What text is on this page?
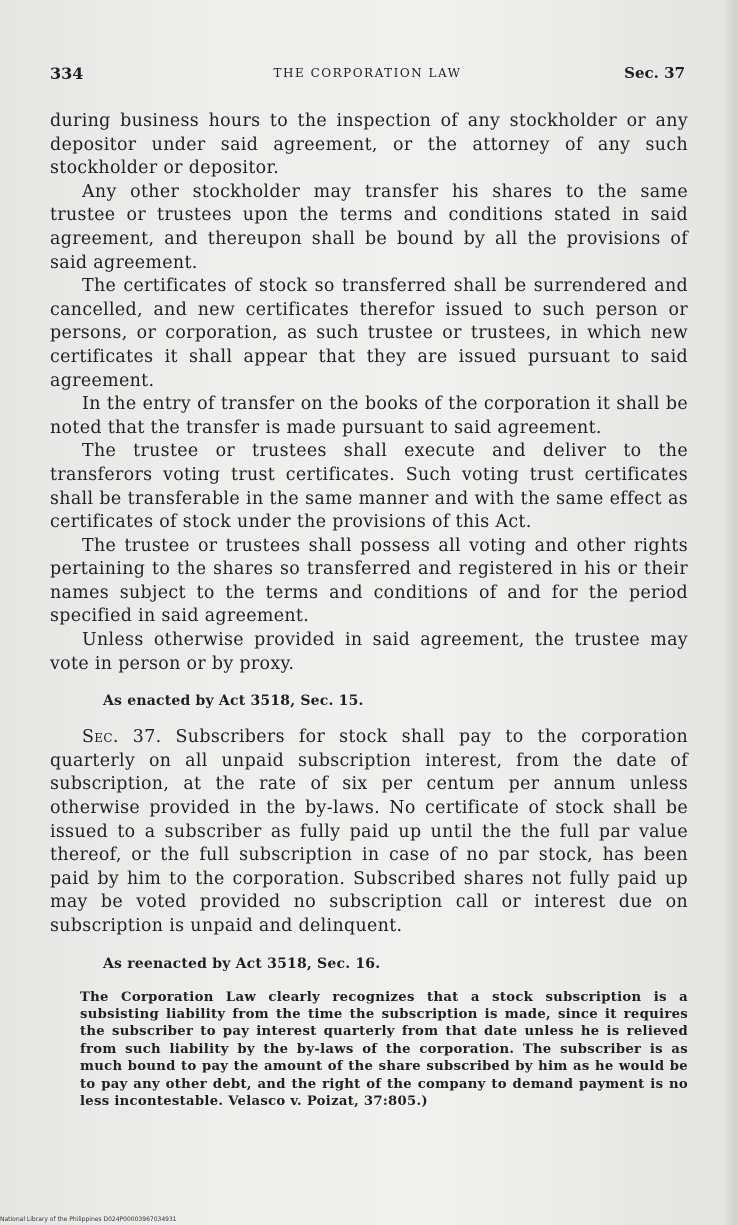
334	THE CORPORATION LAW	Sec. 37

during business hours to the inspection of any stockholder or any depositor under said agreement, or the attorney of any such stockholder or depositor.

Any other stockholder may transfer his shares to the same trustee or trustees upon the terms and conditions stated in said agreement, and thereupon shall be bound by all the provisions of said agreement.

The certificates of stock so transferred shall be surrendered and cancelled, and new certificates therefor issued to such person or persons, or corporation, as such trustee or trustees, in which new certificates it shall appear that they are issued pursuant to said agreement.

In the entry of transfer on the books of the corporation it shall be noted that the transfer is made pursuant to said agreement.

The trustee or trustees shall execute and deliver to the transferors voting trust certificates. Such voting trust certificates shall be transferable in the same manner and with the same effect as certificates of stock under the provisions of this Act.

The trustee or trustees shall possess all voting and other rights pertaining to the shares so transferred and registered in his or their names subject to the terms and conditions of and for the period specified in said agreement.

Unless otherwise provided in said agreement, the trustee may vote in person or by proxy.

As enacted by Act 3518, Sec. 15.

Sec. 37. Subscribers for stock shall pay to the corporation quarterly on all unpaid subscription interest, from the date of subscription, at the rate of six per centum per annum unless otherwise provided in the by-laws. No certificate of stock shall be issued to a subscriber as fully paid up until the the full par value thereof, or the full subscription in case of no par stock, has been paid by him to the corporation. Subscribed shares not fully paid up may be voted provided no subscription call or interest due on subscription is unpaid and delinquent.

As reenacted by Act 3518, Sec. 16.

The Corporation Law clearly recognizes that a stock subscription is a subsisting liability from the time the subscription is made, since it requires the subscriber to pay interest quarterly from that date unless he is relieved from such liability by the by-laws of the corporation. The subscriber is as much bound to pay the amount of the share subscribed by him as he would be to pay any other debt, and the right of the company to demand payment is no less incontestable. Velasco v. Poizat, 37:805.)

National Library of the Philippines D024P00003967034931
